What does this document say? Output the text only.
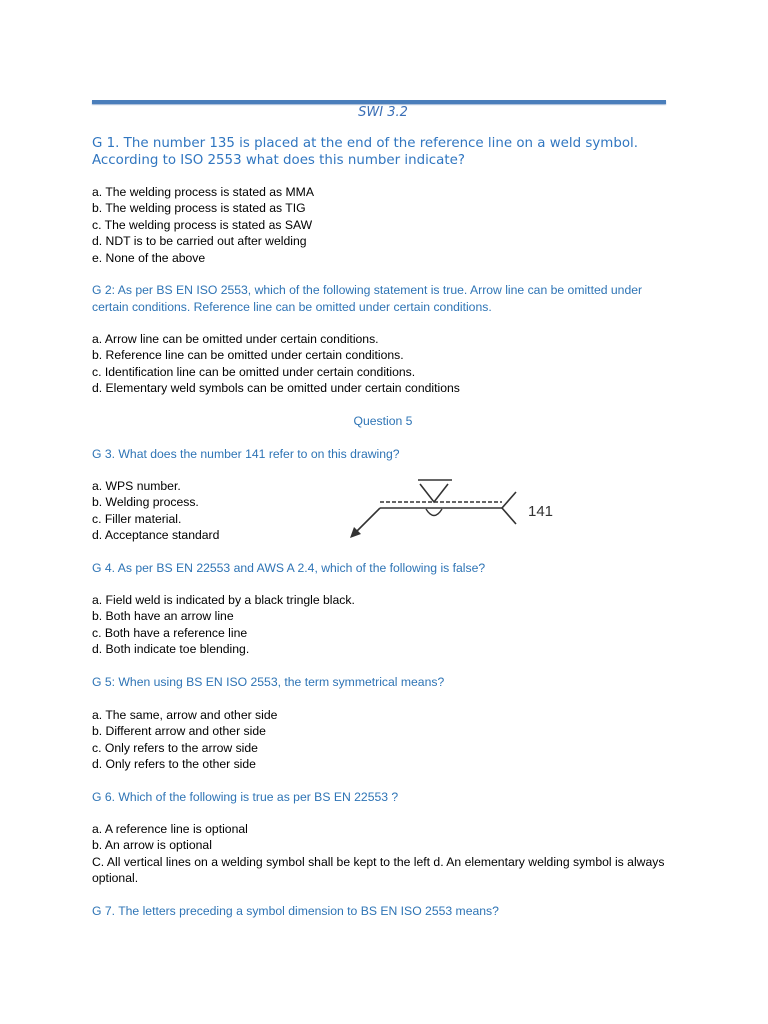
SWI 3.2
G 1. The number 135 is placed at the end of the reference line on a weld symbol. According to ISO 2553 what does this number indicate?
a. The welding process is stated as MMA
b. The welding process is stated as TIG
c. The welding process is stated as SAW
d. NDT is to be carried out after welding
e. None of the above
G 2: As per BS EN ISO 2553, which of the following statement is true. Arrow line can be omitted under certain conditions. Reference line can be omitted under certain conditions.
a. Arrow line can be omitted under certain conditions.
b. Reference line can be omitted under certain conditions.
c. Identification line can be omitted under certain conditions.
d. Elementary weld symbols can be omitted under certain conditions
Question 5
G 3. What does the number 141 refer to on this drawing?
a. WPS number.
b. Welding process.
c. Filler material.
d. Acceptance standard
141
G 4. As per BS EN 22553 and AWS A 2.4, which of the following is false?
a. Field weld is indicated by a black tringle black.
b. Both have an arrow line
c. Both have a reference line
d. Both indicate toe blending.
G 5: When using BS EN ISO 2553, the term symmetrical means?
a. The same, arrow and other side
b. Different arrow and other side
c. Only refers to the arrow side
d. Only refers to the other side
G 6. Which of the following is true as per BS EN 22553 ?
a. A reference line is optional
b. An arrow is optional
C. All vertical lines on a welding symbol shall be kept to the left d. An elementary welding symbol is always optional.
G 7. The letters preceding a symbol dimension to BS EN ISO 2553 means?
